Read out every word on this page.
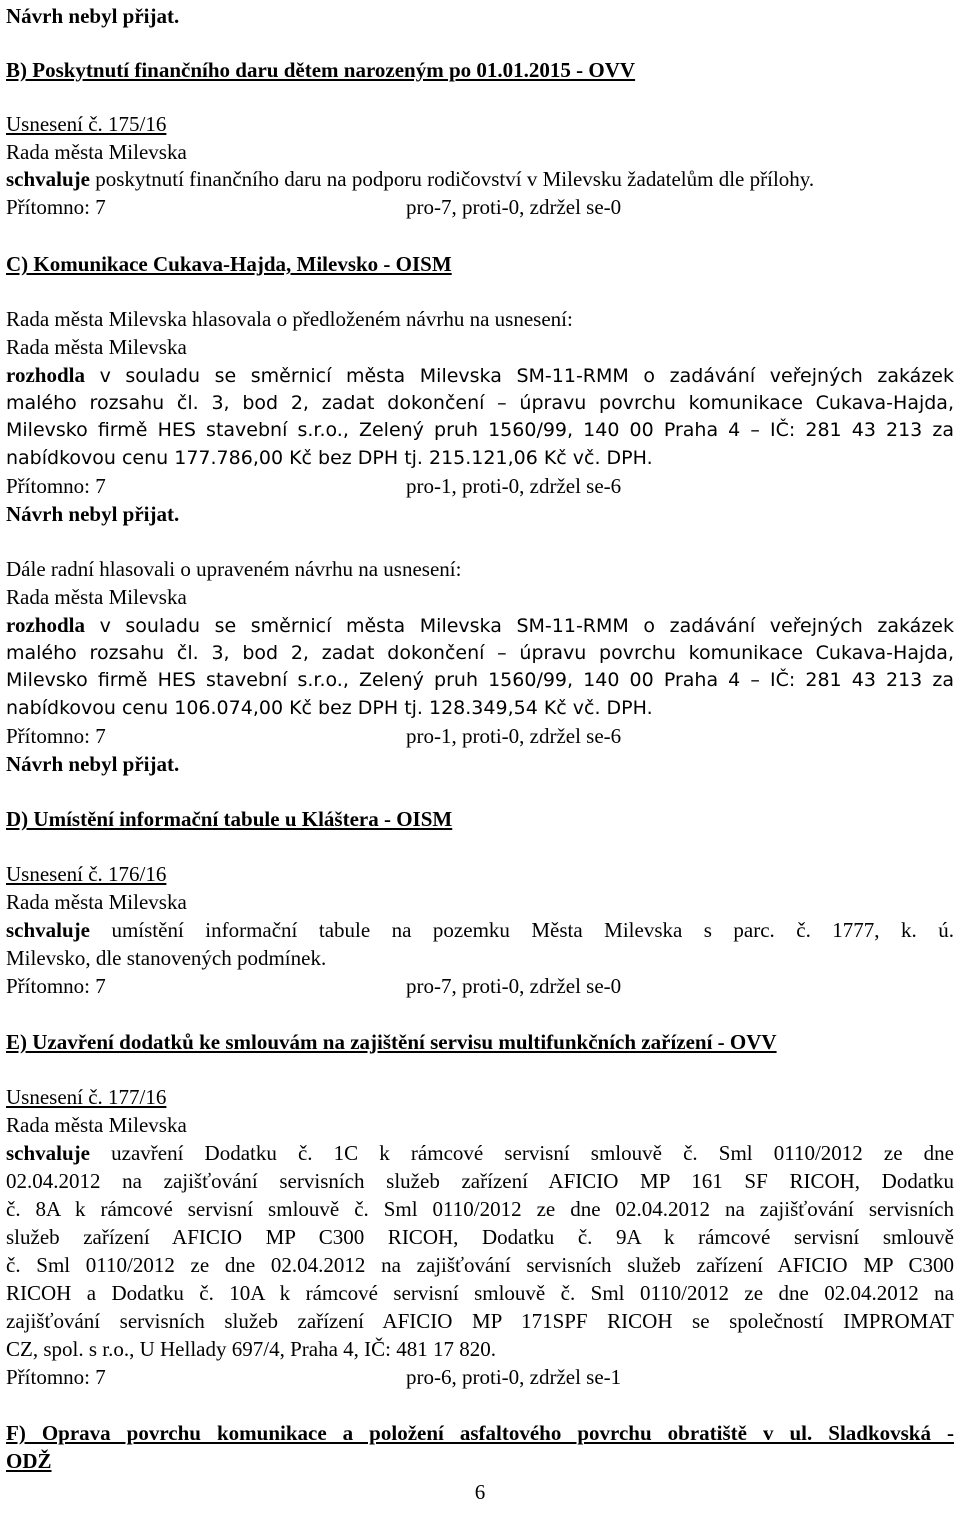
Návrh nebyl přijat.
B) Poskytnutí finančního daru dětem narozeným po 01.01.2015 - OVV
Usnesení č. 175/16
Rada města Milevska
schvaluje poskytnutí finančního daru na podporu rodičovství v Milevsku žadatelům dle přílohy.
Přítomno: 7	pro-7, proti-0, zdržel se-0
C) Komunikace Cukava-Hajda, Milevsko - OISM
Rada města Milevska hlasovala o předloženém návrhu na usnesení:
Rada města Milevska
rozhodla v souladu se směrnicí města Milevska SM-11-RMM o zadávání veřejných zakázek
malého rozsahu čl. 3, bod 2, zadat dokončení – úpravu povrchu komunikace Cukava-Hajda,
Milevsko firmě HES stavební s.r.o., Zelený pruh 1560/99, 140 00 Praha 4 – IČ: 281 43 213 za
nabídkovou cenu 177.786,00 Kč bez DPH tj. 215.121,06 Kč vč. DPH.
Přítomno: 7	pro-1, proti-0, zdržel se-6
Návrh nebyl přijat.
Dále radní hlasovali o upraveném návrhu na usnesení:
Rada města Milevska
rozhodla v souladu se směrnicí města Milevska SM-11-RMM o zadávání veřejných zakázek
malého rozsahu čl. 3, bod 2, zadat dokončení – úpravu povrchu komunikace Cukava-Hajda,
Milevsko firmě HES stavební s.r.o., Zelený pruh 1560/99, 140 00 Praha 4 – IČ: 281 43 213 za
nabídkovou cenu 106.074,00 Kč bez DPH tj. 128.349,54 Kč vč. DPH.
Přítomno: 7	pro-1, proti-0, zdržel se-6
Návrh nebyl přijat.
D) Umístění informační tabule u Kláštera - OISM
Usnesení č. 176/16
Rada města Milevska
schvaluje umístění informační tabule na pozemku Města Milevska s parc. č. 1777, k. ú.
Milevsko, dle stanovených podmínek.
Přítomno: 7	pro-7, proti-0, zdržel se-0
E) Uzavření dodatků ke smlouvám na zajištění servisu multifunkčních zařízení - OVV
Usnesení č. 177/16
Rada města Milevska
schvaluje uzavření Dodatku č. 1C k rámcové servisní smlouvě č. Sml 0110/2012 ze dne
02.04.2012 na zajišťování servisních služeb zařízení AFICIO MP 161 SF RICOH, Dodatku
č. 8A k rámcové servisní smlouvě č. Sml 0110/2012 ze dne 02.04.2012 na zajišťování servisních
služeb zařízení AFICIO MP C300 RICOH, Dodatku č. 9A k rámcové servisní smlouvě
č. Sml 0110/2012 ze dne 02.04.2012 na zajišťování servisních služeb zařízení AFICIO MP C300
RICOH a Dodatku č. 10A k rámcové servisní smlouvě č. Sml 0110/2012 ze dne 02.04.2012 na
zajišťování servisních služeb zařízení AFICIO MP 171SPF RICOH se společností IMPROMAT
CZ, spol. s r.o., U Hellady 697/4, Praha 4, IČ: 481 17 820.
Přítomno: 7	pro-6, proti-0, zdržel se-1
F) Oprava povrchu komunikace a položení asfaltového povrchu obratiště v ul. Sladkovská -
ODŽ
6
